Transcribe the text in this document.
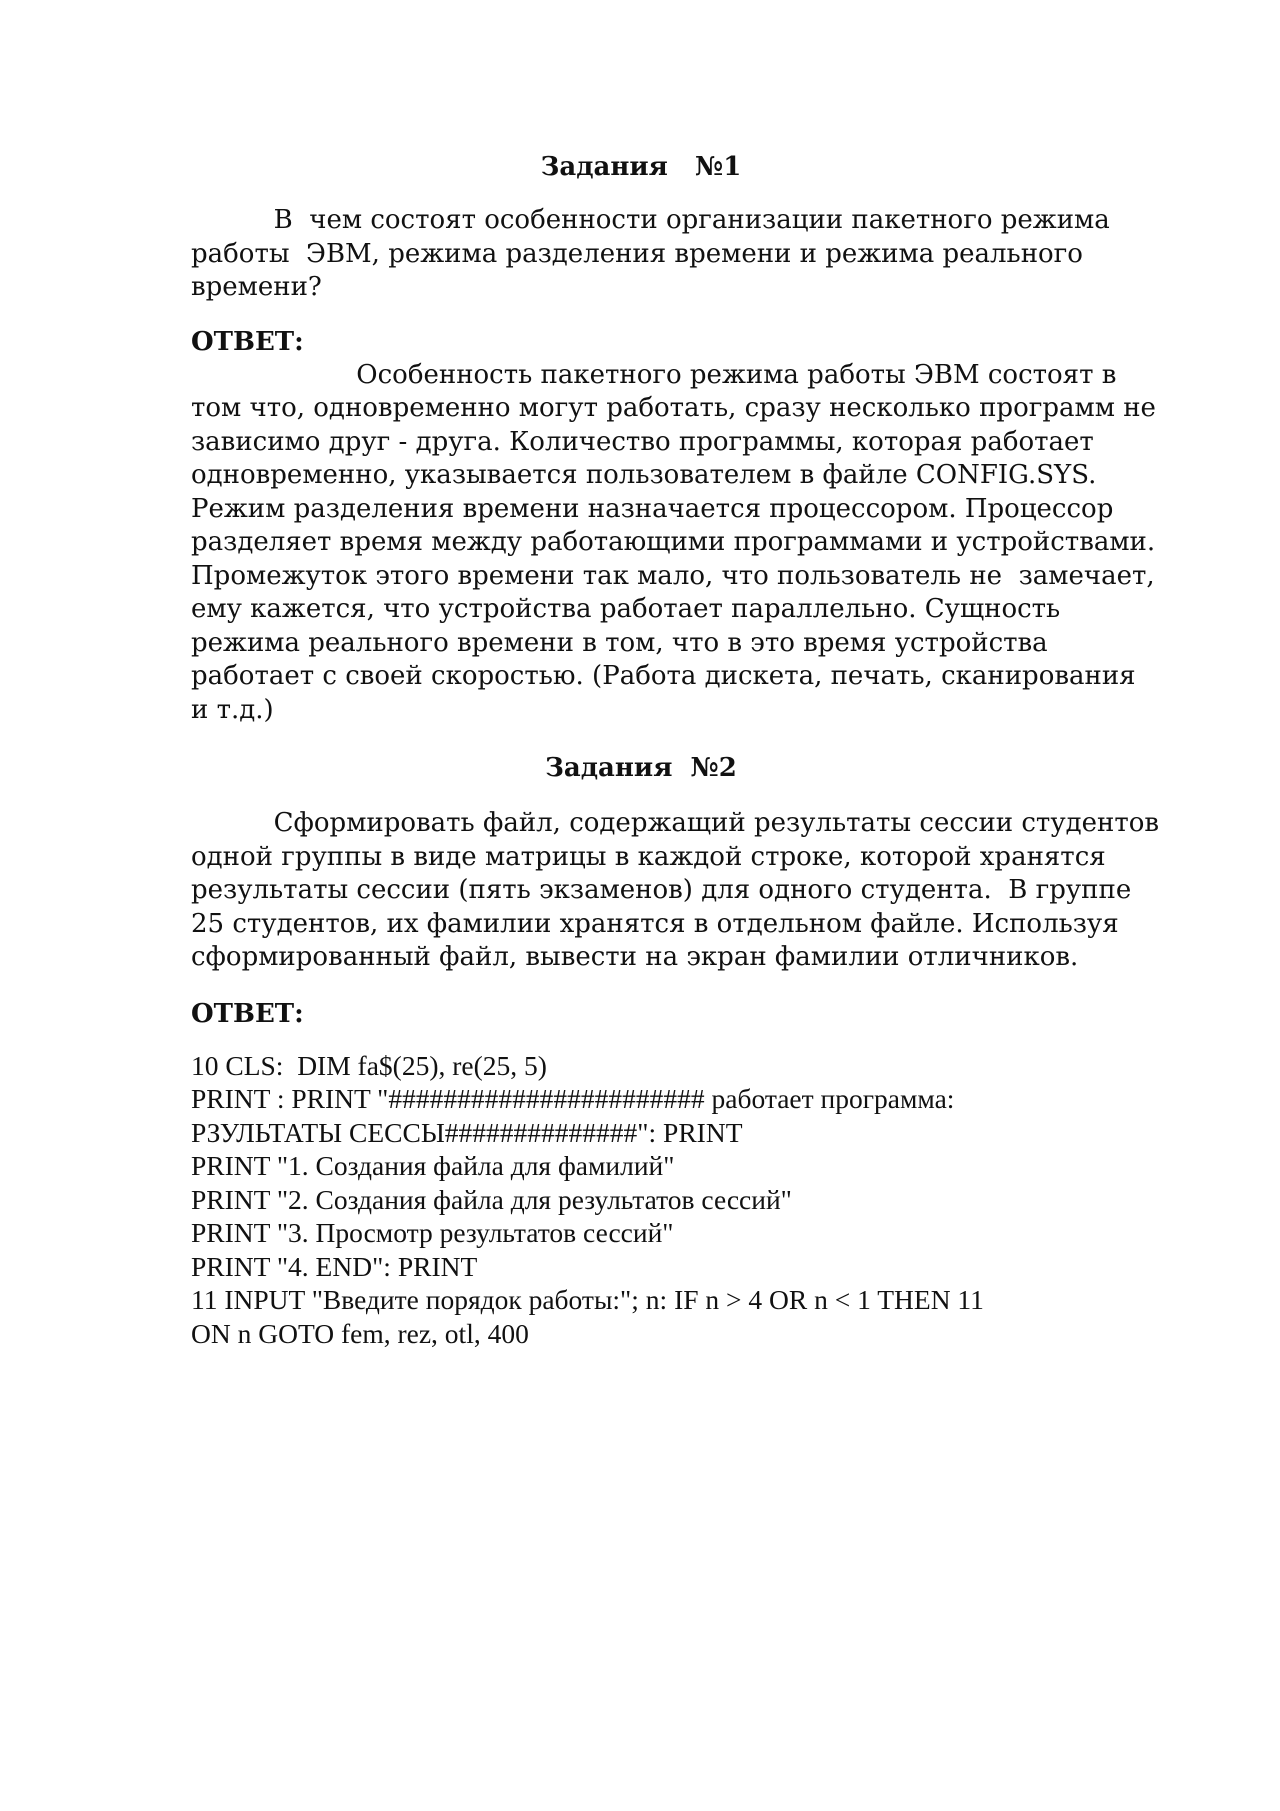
Задания   №1
В  чем состоят особенности организации пакетного режима
работы  ЭВМ, режима разделения времени и режима реального
времени?

ОТВЕТ:

Особенность пакетного режима работы ЭВМ состоят в
том что, одновременно могут работать, сразу несколько программ не
зависимо друг - друга. Количество программы, которая работает
одновременно, указывается пользователем в файле CONFIG.SYS.
Режим разделения времени назначается процессором. Процессор
разделяет время между работающими программами и устройствами.
Промежуток этого времени так мало, что пользователь не  замечает,
ему кажется, что устройства работает параллельно. Сущность
режима реального времени в том, что в это время устройства
работает с своей скоростью. (Работа дискета, печать, сканирования
и т.д.)
Задания  №2
Сформировать файл, содержащий результаты сессии студентов
одной группы в виде матрицы в каждой строке, которой хранятся
результаты сессии (пять экзаменов) для одного студента.  В группе
25 студентов, их фамилии хранятся в отдельном файле. Используя
сформированный файл, вывести на экран фамилии отличников.

ОТВЕТ:

10 CLS:  DIM fa$(25), re(25, 5)
PRINT : PRINT "####################### работает программа:
РЗУЛЬТАТЫ СЕССЫ##############": PRINT
PRINT "1. Создания файла для фамилий"
PRINT "2. Создания файла для результатов сессий"
PRINT "3. Просмотр результатов сессий"
PRINT "4. END": PRINT
11 INPUT "Введите порядок работы:"; n: IF n > 4 OR n < 1 THEN 11
ON n GOTO fem, rez, otl, 400
